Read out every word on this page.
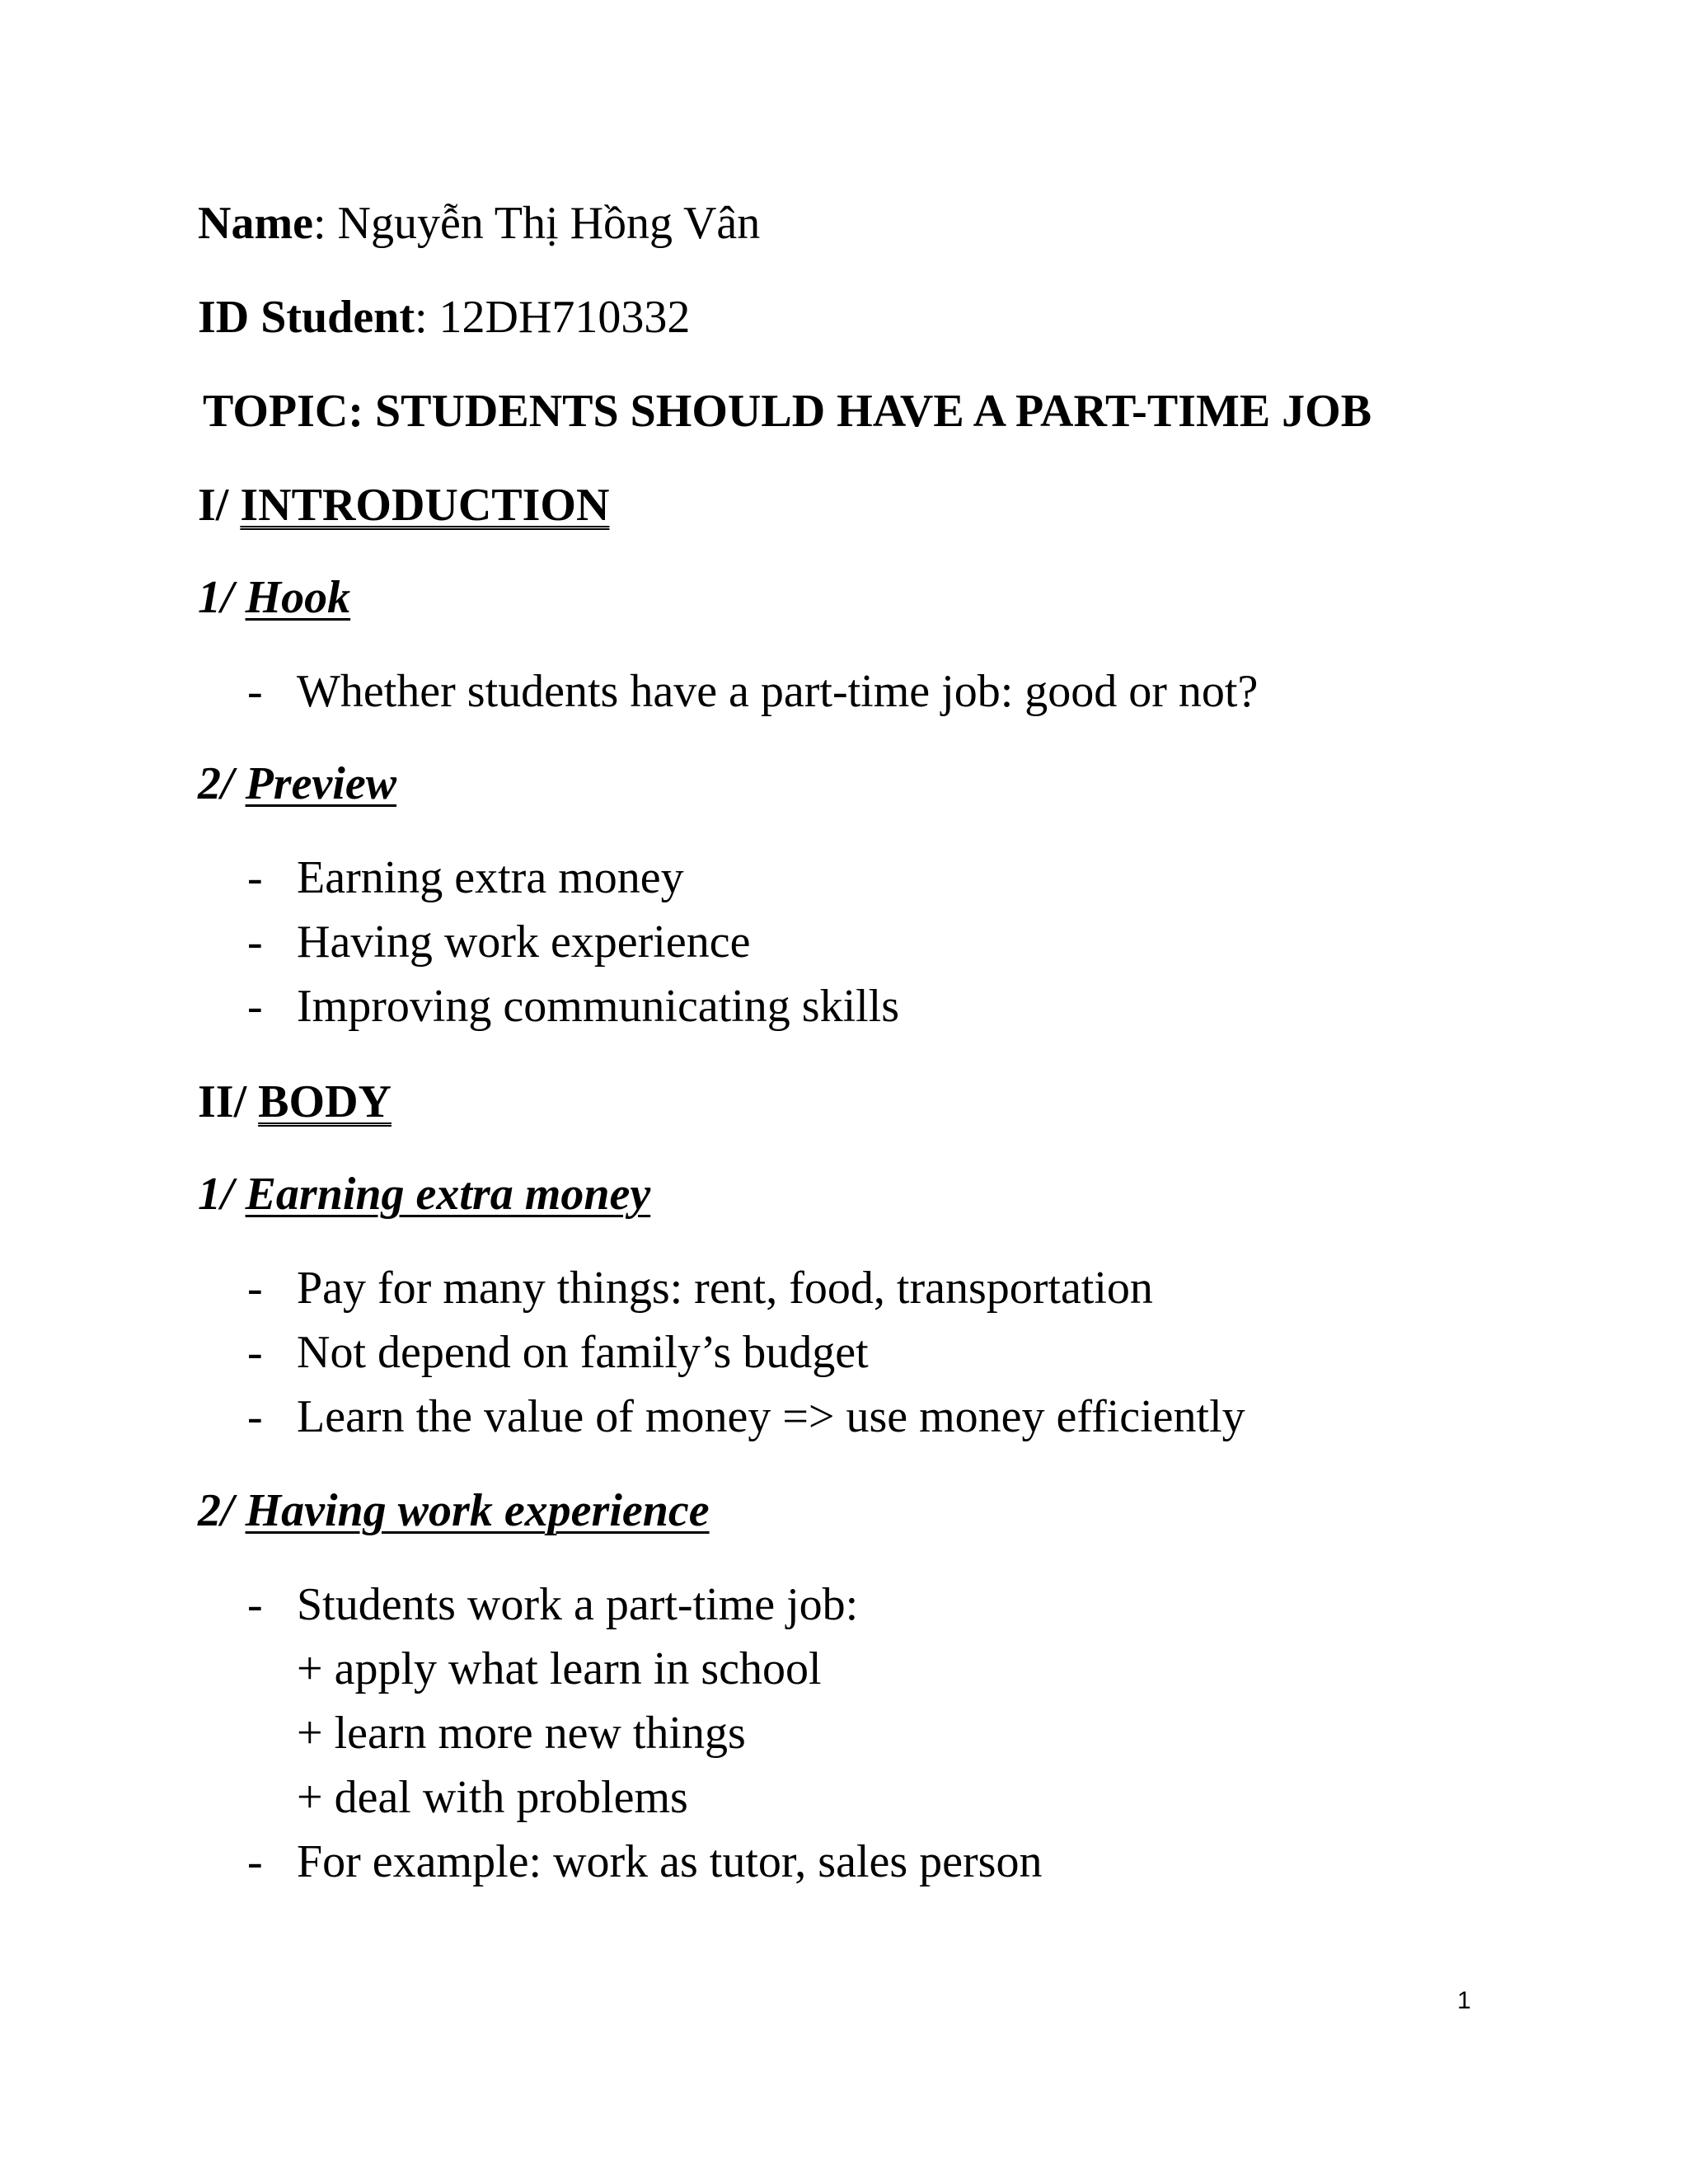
Name: Nguyễn Thị Hồng Vân
ID Student: 12DH710332
TOPIC: STUDENTS SHOULD HAVE A PART-TIME JOB
I/ INTRODUCTION
1/ Hook
- Whether students have a part-time job: good or not?
2/ Preview
- Earning extra money
- Having work experience
- Improving communicating skills
II/ BODY
1/ Earning extra money
- Pay for many things: rent, food, transportation
- Not depend on family’s budget
- Learn the value of money => use money efficiently
2/ Having work experience
- Students work a part-time job:
+ apply what learn in school
+ learn more new things
+ deal with problems
- For example: work as tutor, sales person
1
